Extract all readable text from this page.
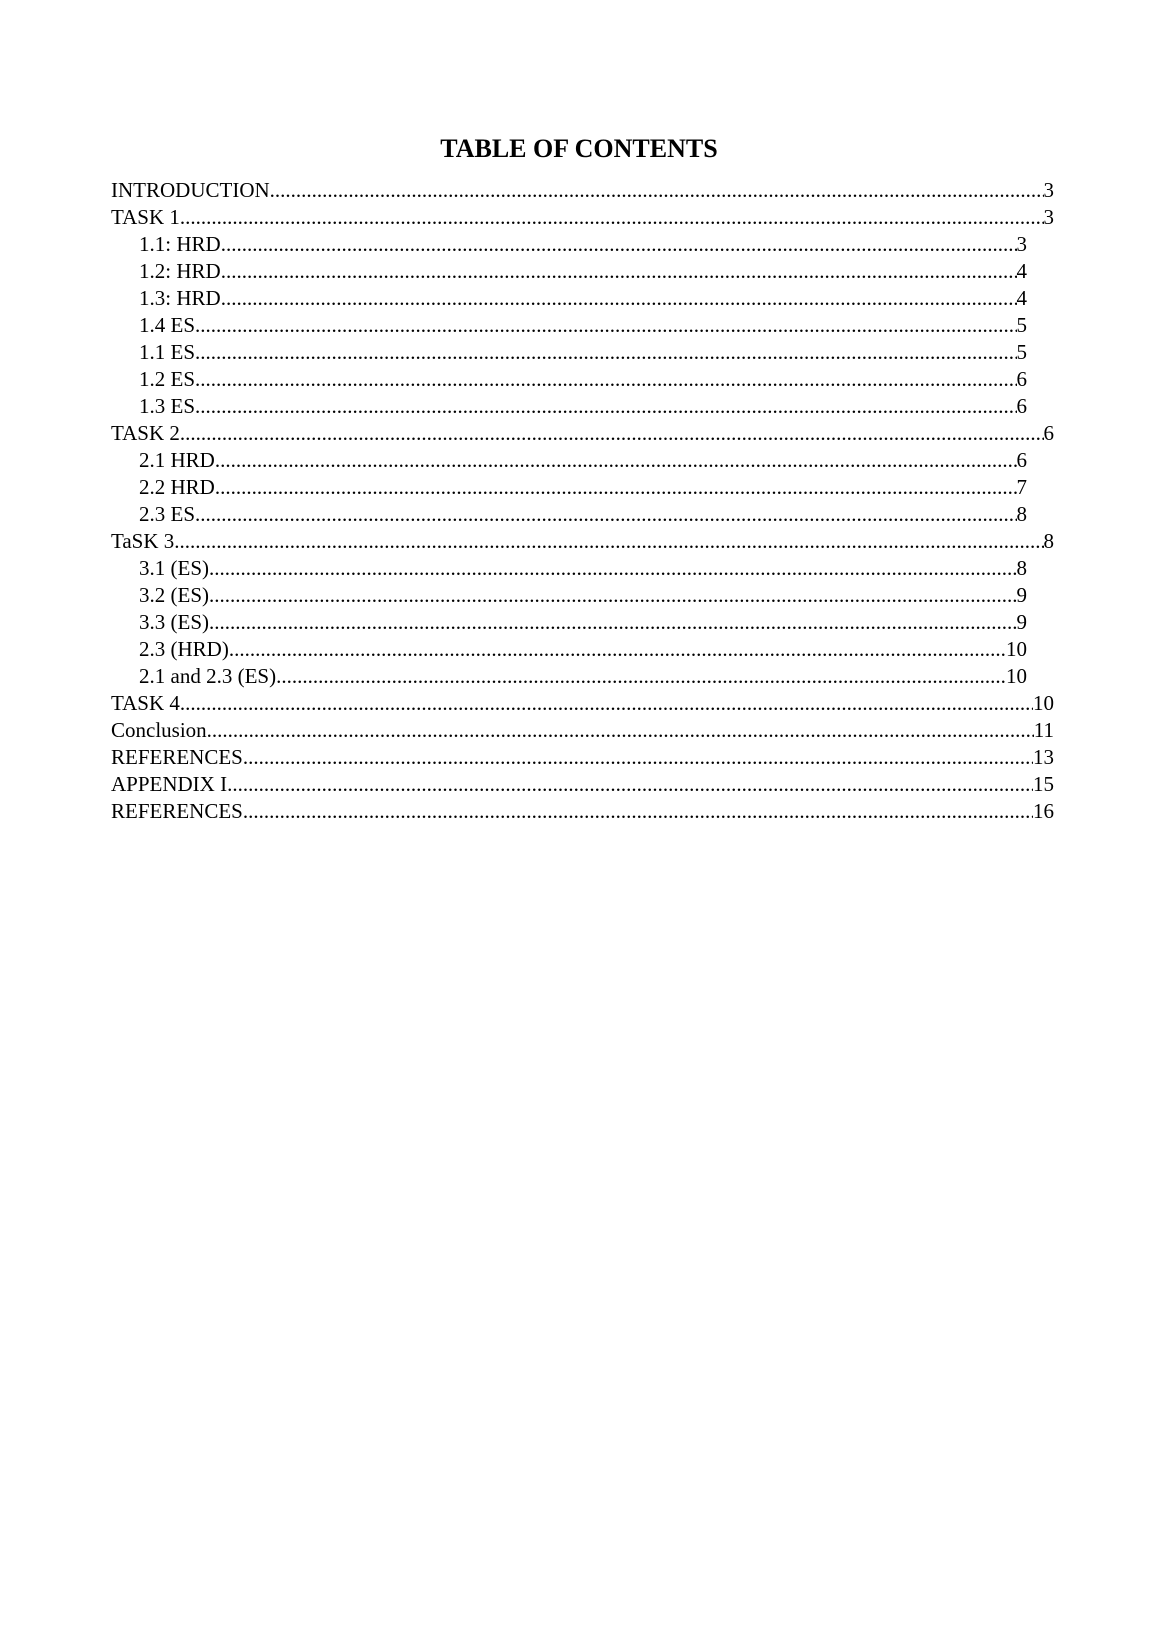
TABLE OF CONTENTS
INTRODUCTION .....	3
TASK 1 .....	3
1.1: HRD .....	3
1.2: HRD .....	4
1.3: HRD .....	4
1.4 ES .....	5
1.1 ES .....	5
1.2 ES .....	6
1.3 ES .....	6
TASK 2 .....	6
2.1 HRD .....	6
2.2 HRD .....	7
2.3 ES .....	8
TaSK 3 .....	8
3.1 (ES) .....	8
3.2 (ES) .....	9
3.3 (ES) .....	9
2.3 (HRD) .....	10
2.1 and 2.3 (ES) .....	10
TASK 4 .....	10
Conclusion .....	11
REFERENCES .....	13
APPENDIX I .....	15
REFERENCES .....	16
